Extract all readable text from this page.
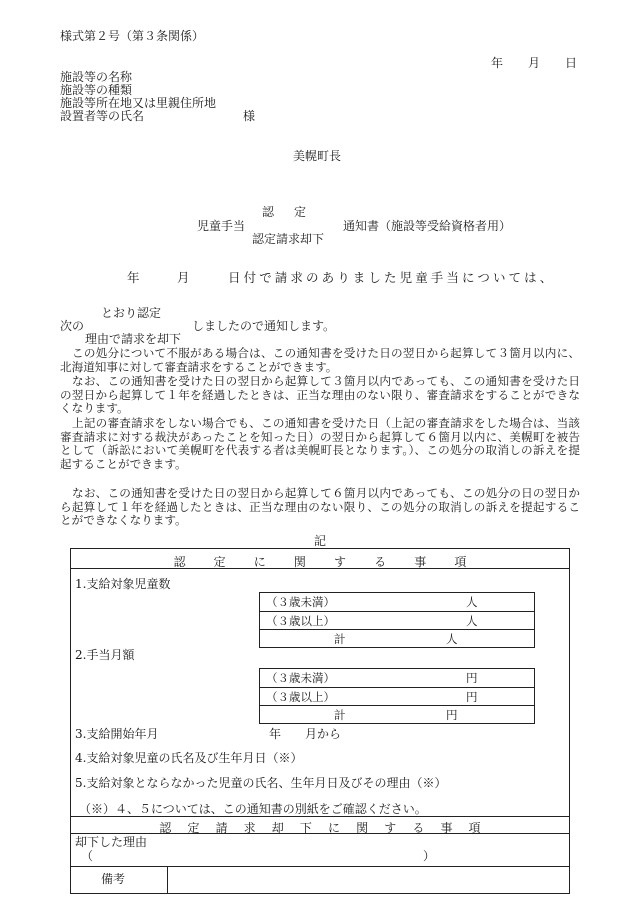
様式第２号（第３条関係）
年 月 日
施設等の名称
施設等の種類
施設等所在地又は里親住所地
設置者等の氏名	様
美幌町長
認　定
児童手当	通知書（施設等受給資格者用）
認定請求却下
年	月	日付で請求のありました児童手当については、
とおり認定
次の	しましたので通知します。
理由で請求を却下

この処分について不服がある場合は、この通知書を受けた日の翌日から起算して３箇月以内に、北海道知事に対して審査請求をすることができます。

なお、この通知書を受けた日の翌日から起算して３箇月以内であっても、この通知書を受けた日の翌日から起算して１年を経過したときは、正当な理由のない限り、審査請求をすることができなくなります。

上記の審査請求をしない場合でも、この通知書を受けた日（上記の審査請求をした場合は、当該審査請求に対する裁決があったことを知った日）の翌日から起算して６箇月以内に、美幌町を被告として（訴訟において美幌町を代表する者は美幌町長となります。）、この処分の取消しの訴えを提起することができます。

なお、この通知書を受けた日の翌日から起算して６箇月以内であっても、この処分の日の翌日から起算して１年を経過したときは、正当な理由のない限り、この処分の取消しの訴えを提起することができなくなります。

記
認 定 に 関 す る 事 項
1.支給対象児童数
（３歳未満）	人
（３歳以上）	人
計	人
2.手当月額
（３歳未満）	円
（３歳以上）	円
計	円
3.支給開始年月	年 月から
4.支給対象児童の氏名及び生年月日（※）
5.支給対象とならなかった児童の氏名、生年月日及びその理由（※）
（※）４、５については、この通知書の別紙をご確認ください。
認 定 請 求 却 下 に 関 す る 事 項
却下した理由
（	）
備考
